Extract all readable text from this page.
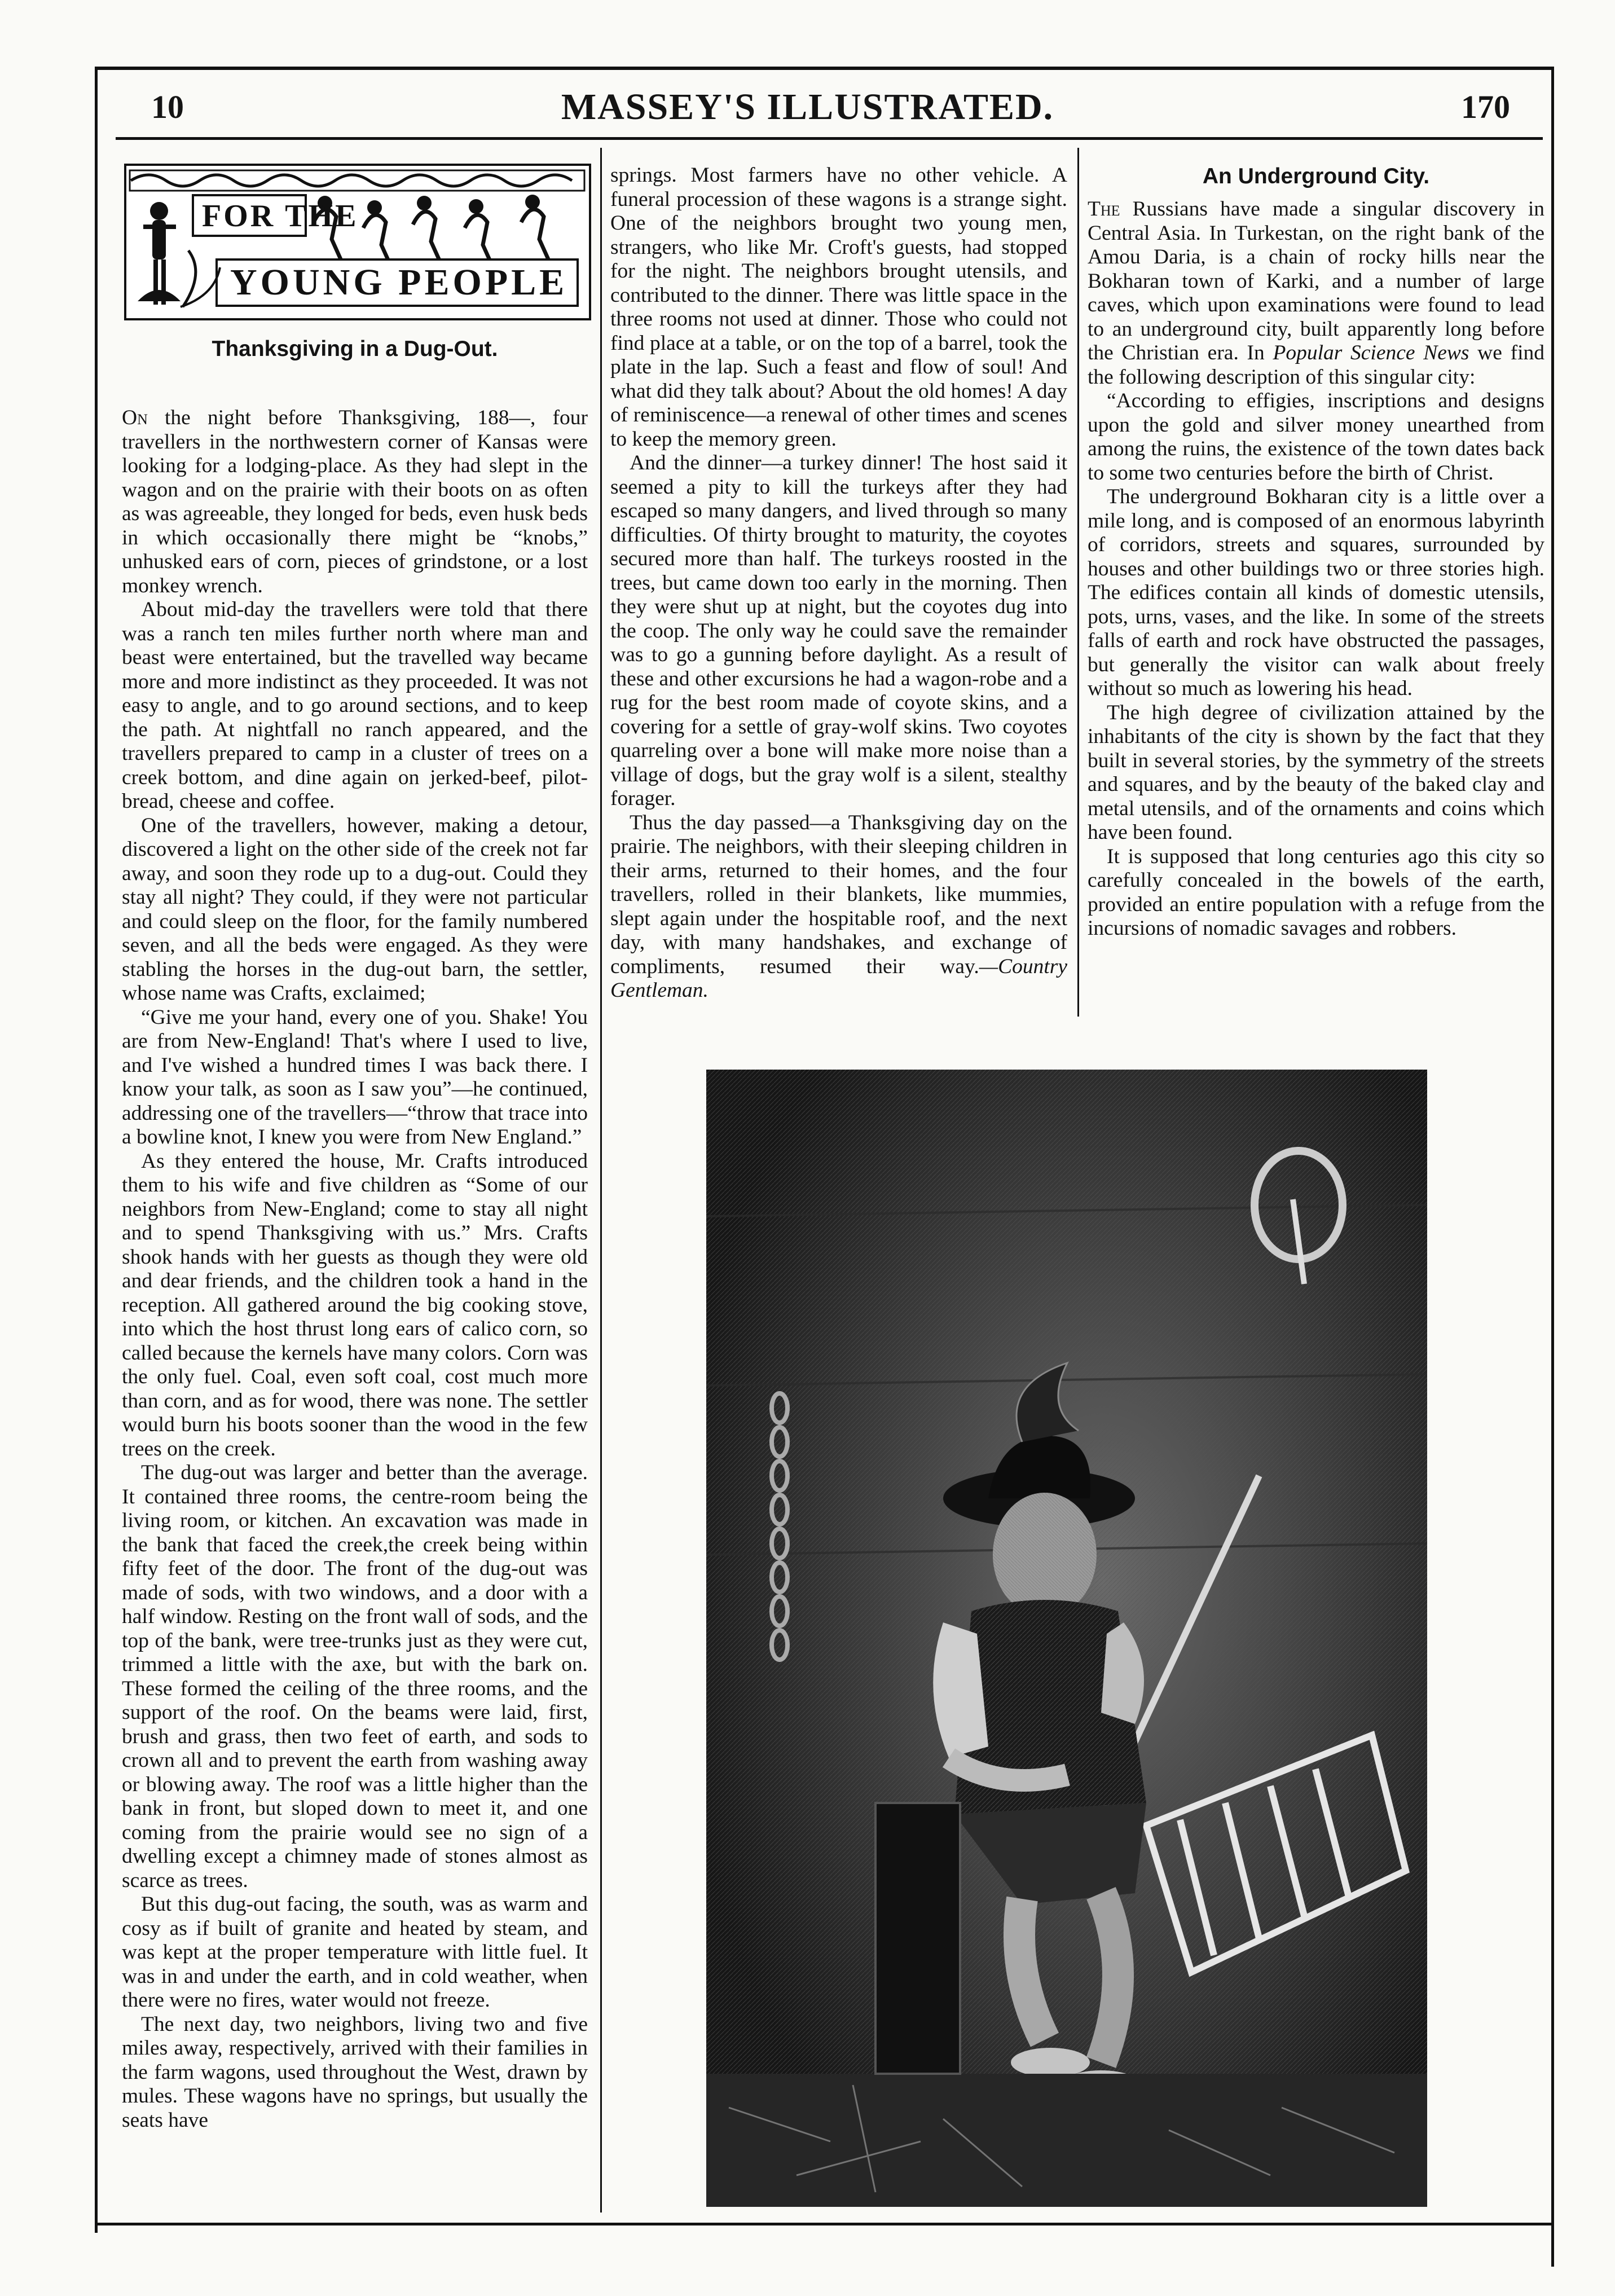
10	MASSEY'S ILLUSTRATED.	170
FOR THE
YOUNG PEOPLE
Thanksgiving in a Dug-Out.

On the night before Thanksgiving, 188—, four travellers in the northwestern corner of Kansas were looking for a lodging-place. As they had slept in the wagon and on the prairie with their boots on as often as was agreeable, they longed for beds, even husk beds in which occasionally there might be “knobs,” unhusked ears of corn, pieces of grindstone, or a lost monkey wrench.

About mid-day the travellers were told that there was a ranch ten miles further north where man and beast were entertained, but the travelled way became more and more indistinct as they proceeded. It was not easy to angle, and to go around sections, and to keep the path. At nightfall no ranch appeared, and the travellers prepared to camp in a cluster of trees on a creek bottom, and dine again on jerked-beef, pilot-bread, cheese and coffee.

One of the travellers, however, making a detour, discovered a light on the other side of the creek not far away, and soon they rode up to a dug-out. Could they stay all night? They could, if they were not particular and could sleep on the floor, for the family numbered seven, and all the beds were engaged. As they were stabling the horses in the dug-out barn, the settler, whose name was Crafts, exclaimed;

“Give me your hand, every one of you. Shake! You are from New-England! That's where I used to live, and I've wished a hundred times I was back there. I know your talk, as soon as I saw you”—he continued, addressing one of the travellers—“throw that trace into a bowline knot, I knew you were from New England.”

As they entered the house, Mr. Crafts introduced them to his wife and five children as “Some of our neighbors from New-England; come to stay all night and to spend Thanksgiving with us.” Mrs. Crafts shook hands with her guests as though they were old and dear friends, and the children took a hand in the reception. All gathered around the big cooking stove, into which the host thrust long ears of calico corn, so called because the kernels have many colors. Corn was the only fuel. Coal, even soft coal, cost much more than corn, and as for wood, there was none. The settler would burn his boots sooner than the wood in the few trees on the creek.

The dug-out was larger and better than the average. It contained three rooms, the centre-room being the living room, or kitchen. An excavation was made in the bank that faced the creek,the creek being within fifty feet of the door. The front of the dug-out was made of sods, with two windows, and a door with a half window. Resting on the front wall of sods, and the top of the bank, were tree-trunks just as they were cut, trimmed a little with the axe, but with the bark on. These formed the ceiling of the three rooms, and the support of the roof. On the beams were laid, first, brush and grass, then two feet of earth, and sods to crown all and to prevent the earth from washing away or blowing away. The roof was a little higher than the bank in front, but sloped down to meet it, and one coming from the prairie would see no sign of a dwelling except a chimney made of stones almost as scarce as trees.

But this dug-out facing, the south, was as warm and cosy as if built of granite and heated by steam, and was kept at the proper temperature with little fuel. It was in and under the earth, and in cold weather, when there were no fires, water would not freeze.

The next day, two neighbors, living two and five miles away, respectively, arrived with their families in the farm wagons, used throughout the West, drawn by mules. These wagons have no springs, but usually the seats have

springs. Most farmers have no other vehicle. A funeral procession of these wagons is a strange sight. One of the neighbors brought two young men, strangers, who like Mr. Croft's guests, had stopped for the night. The neighbors brought utensils, and contributed to the dinner. There was little space in the three rooms not used at dinner. Those who could not find place at a table, or on the top of a barrel, took the plate in the lap. Such a feast and flow of soul! And what did they talk about? About the old homes! A day of reminiscence—a renewal of other times and scenes to keep the memory green.

And the dinner—a turkey dinner! The host said it seemed a pity to kill the turkeys after they had escaped so many dangers, and lived through so many difficulties. Of thirty brought to maturity, the coyotes secured more than half. The turkeys roosted in the trees, but came down too early in the morning. Then they were shut up at night, but the coyotes dug into the coop. The only way he could save the remainder was to go a gunning before daylight. As a result of these and other excursions he had a wagon-robe and a rug for the best room made of coyote skins, and a covering for a settle of gray-wolf skins. Two coyotes quarreling over a bone will make more noise than a village of dogs, but the gray wolf is a silent, stealthy forager.

Thus the day passed—a Thanksgiving day on the prairie. The neighbors, with their sleeping children in their arms, returned to their homes, and the four travellers, rolled in their blankets, like mummies, slept again under the hospitable roof, and the next day, with many handshakes, and exchange of compliments, resumed their way.—Country Gentleman.

An Underground City.

The Russians have made a singular discovery in Central Asia. In Turkestan, on the right bank of the Amou Daria, is a chain of rocky hills near the Bokharan town of Karki, and a number of large caves, which upon examinations were found to lead to an underground city, built apparently long before the Christian era. In Popular Science News we find the following description of this singular city:

“According to effigies, inscriptions and designs upon the gold and silver money unearthed from among the ruins, the existence of the town dates back to some two centuries before the birth of Christ.

The underground Bokharan city is a little over a mile long, and is composed of an enormous labyrinth of corridors, streets and squares, surrounded by houses and other buildings two or three stories high. The edifices contain all kinds of domestic utensils, pots, urns, vases, and the like. In some of the streets falls of earth and rock have obstructed the passages, but generally the visitor can walk about freely without so much as lowering his head.

The high degree of civilization attained by the inhabitants of the city is shown by the fact that they built in several stories, by the symmetry of the streets and squares, and by the beauty of the baked clay and metal utensils, and of the ornaments and coins which have been found.

It is supposed that long centuries ago this city so carefully concealed in the bowels of the earth, provided an entire population with a refuge from the incursions of nomadic savages and robbers.
